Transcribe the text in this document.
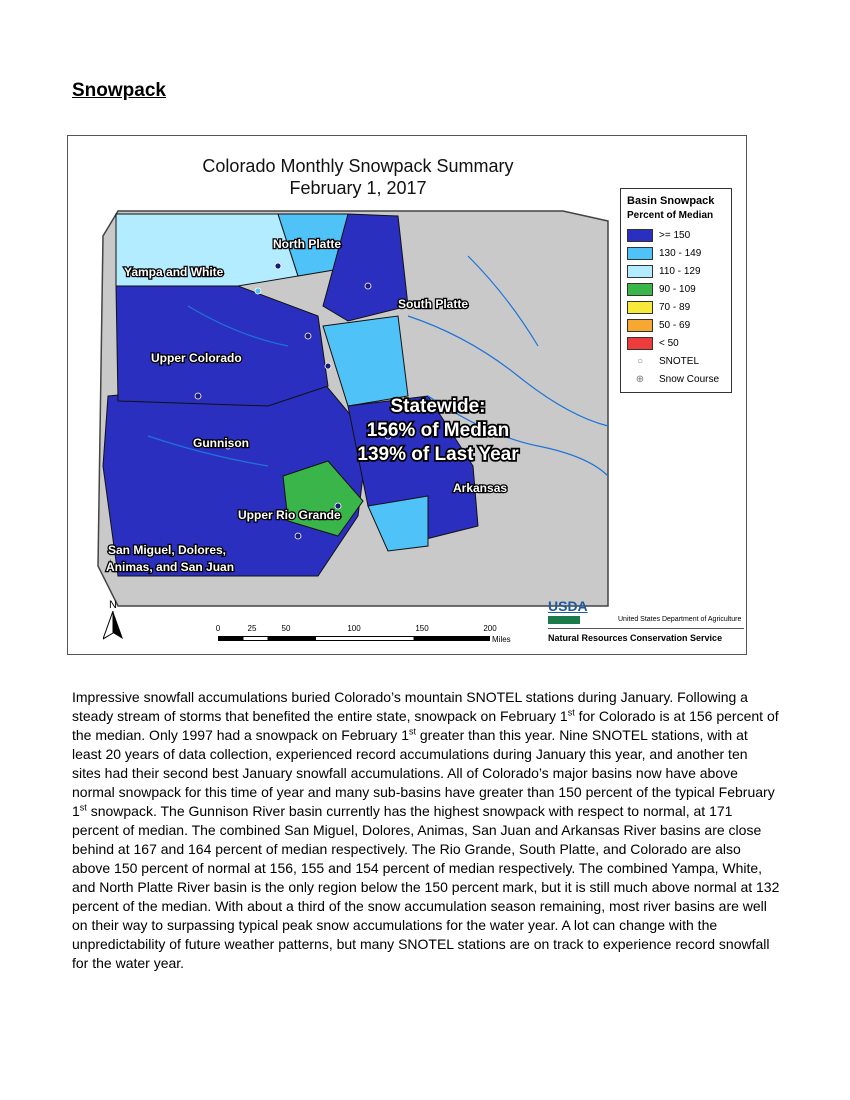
Snowpack
Colorado Monthly Snowpack Summary
February 1, 2017
North Platte
Yampa and White
South Platte
Upper Colorado
Gunnison
Arkansas
Upper Rio Grande
San Miguel, Dolores,
Animas, and San Juan
Statewide:
156% of Median
139% of Last Year
Basin Snowpack
Percent of Median
>= 150
130 - 149
110 - 129
90 - 109
70 - 89
50 - 69
< 50
○	SNOTEL
⊕	Snow Course
N
0	25	50	100	150	200
Miles
USDA
United States Department of Agriculture
Natural Resources Conservation Service

Impressive snowfall accumulations buried Colorado’s mountain SNOTEL stations during January. Following a steady stream of storms that benefited the entire state, snowpack on February 1st for Colorado is at 156 percent of the median. Only 1997 had a snowpack on February 1st greater than this year. Nine SNOTEL stations, with at least 20 years of data collection, experienced record accumulations during January this year, and another ten sites had their second best January snowfall accumulations. All of Colorado’s major basins now have above normal snowpack for this time of year and many sub-basins have greater than 150 percent of the typical February 1st snowpack. The Gunnison River basin currently has the highest snowpack with respect to normal, at 171 percent of median. The combined San Miguel, Dolores, Animas, San Juan and Arkansas River basins are close behind at 167 and 164 percent of median respectively. The Rio Grande, South Platte, and Colorado are also above 150 percent of normal at 156, 155 and 154 percent of median respectively. The combined Yampa, White, and North Platte River basin is the only region below the 150 percent mark, but it is still much above normal at 132 percent of the median. With about a third of the snow accumulation season remaining, most river basins are well on their way to surpassing typical peak snow accumulations for the water year. A lot can change with the unpredictability of future weather patterns, but many SNOTEL stations are on track to experience record snowfall for the water year.
